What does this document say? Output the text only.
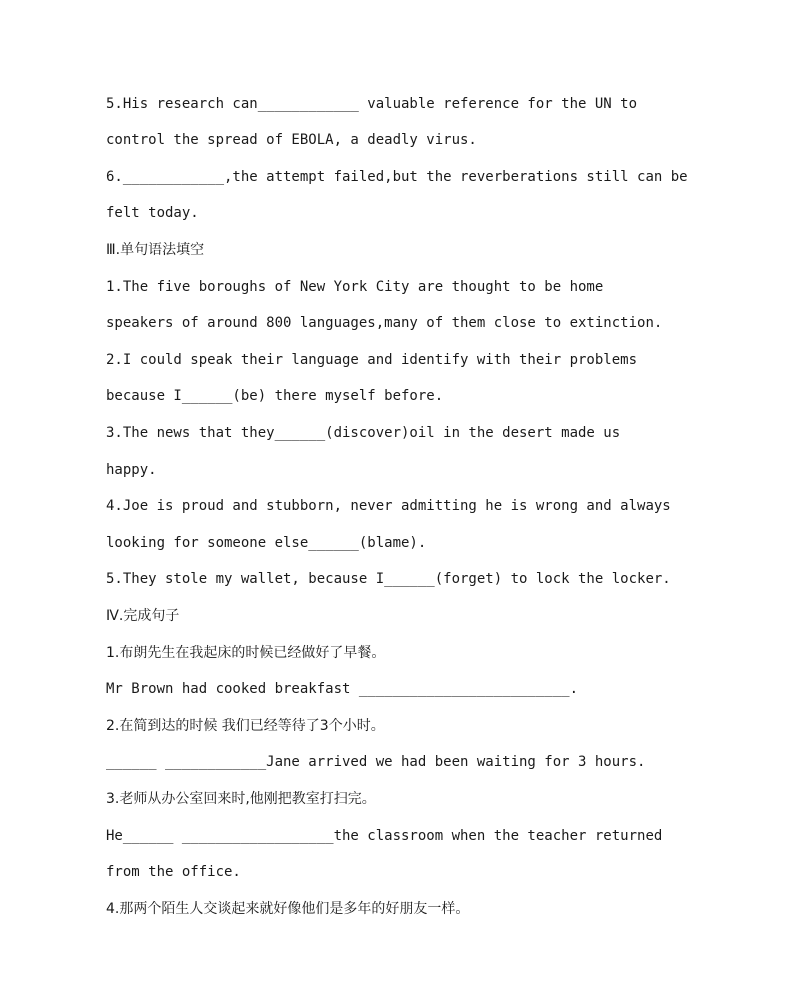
5.His research can____________ valuable reference for the UN to
control the spread of EBOLA, a deadly virus.
6.____________,the attempt failed,but the reverberations still can be
felt today.
Ⅲ.单句语法填空
1.The five boroughs of New York City are thought to be home
speakers of around 800 languages,many of them close to extinction.
2.I could speak their language and identify with their problems
because I______(be) there myself before.
3.The news that they______(discover)oil in the desert made us
happy.
4.Joe is proud and stubborn, never admitting he is wrong and always
looking for someone else______(blame).
5.They stole my wallet, because I______(forget) to lock the locker.
Ⅳ.完成句子
1.布朗先生在我起床的时候已经做好了早餐。
Mr Brown had cooked breakfast _________________________.
2.在简到达的时候 我们已经等待了3个小时。
______ ____________Jane arrived we had been waiting for 3 hours.
3.老师从办公室回来时,他刚把教室打扫完。
He______ __________________the classroom when the teacher returned
from the office.
4.那两个陌生人交谈起来就好像他们是多年的好朋友一样。
